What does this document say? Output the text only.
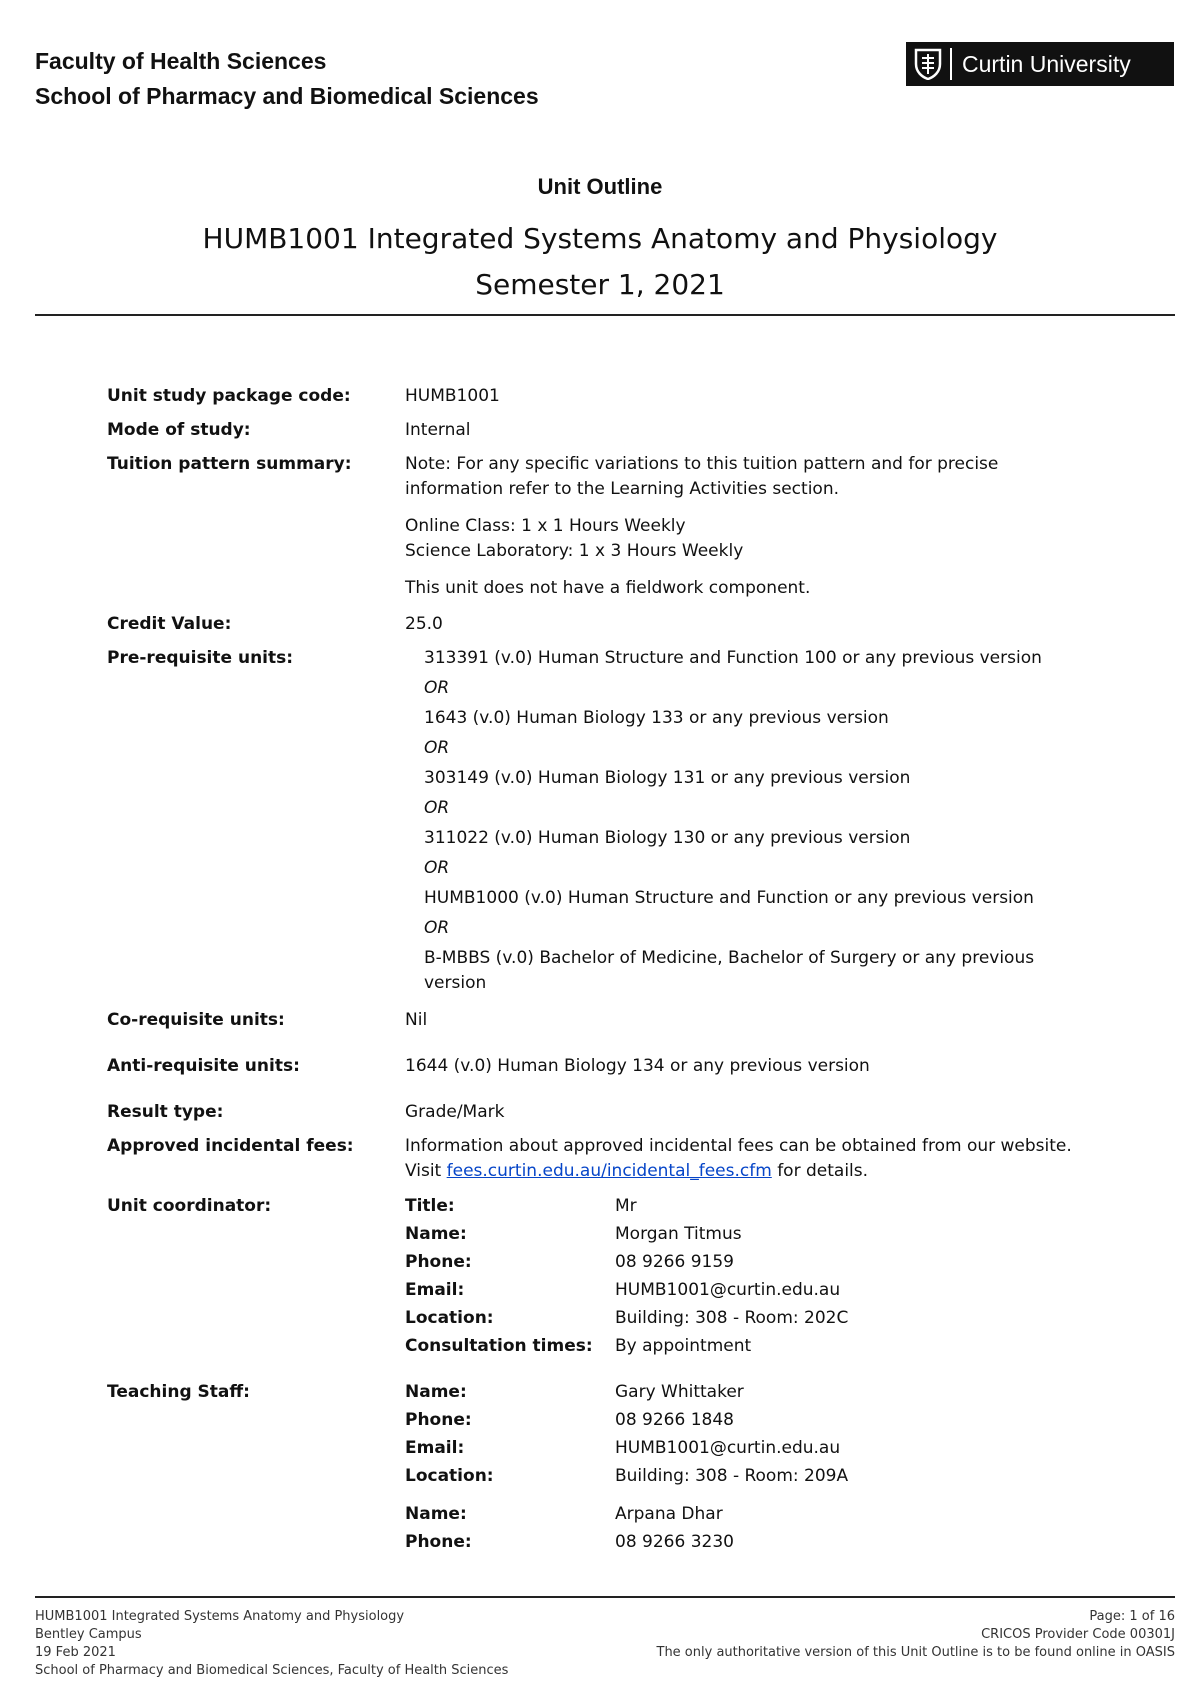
Faculty of Health Sciences
School of Pharmacy and Biomedical Sciences
Curtin University
Unit Outline
HUMB1001 Integrated Systems Anatomy and Physiology
Semester 1, 2021
Unit study package code:	HUMB1001
Mode of study:	Internal
Tuition pattern summary:	Note: For any specific variations to this tuition pattern and for precise
information refer to the Learning Activities section.
Online Class: 1 x 1 Hours Weekly
Science Laboratory: 1 x 3 Hours Weekly
This unit does not have a fieldwork component.
Credit Value:	25.0
Pre-requisite units:	313391 (v.0) Human Structure and Function 100 or any previous version
OR
1643 (v.0) Human Biology 133 or any previous version
OR
303149 (v.0) Human Biology 131 or any previous version
OR
311022 (v.0) Human Biology 130 or any previous version
OR
HUMB1000 (v.0) Human Structure and Function or any previous version
OR
B-MBBS (v.0) Bachelor of Medicine, Bachelor of Surgery or any previous
version
Co-requisite units:	Nil
Anti-requisite units:	1644 (v.0) Human Biology 134 or any previous version
Result type:	Grade/Mark
Approved incidental fees:	Information about approved incidental fees can be obtained from our website.
Visit fees.curtin.edu.au/incidental_fees.cfm for details.
Unit coordinator:	Title:	Mr
Name:	Morgan Titmus
Phone:	08 9266 9159
Email:	HUMB1001@curtin.edu.au
Location:	Building: 308 - Room: 202C
Consultation times: By appointment
Teaching Staff:	Name:	Gary Whittaker
Phone:	08 9266 1848
Email:	HUMB1001@curtin.edu.au
Location:	Building: 308 - Room: 209A
Name:	Arpana Dhar
Phone:	08 9266 3230
HUMB1001 Integrated Systems Anatomy and Physiology
Bentley Campus
19 Feb 2021
School of Pharmacy and Biomedical Sciences, Faculty of Health Sciences
Page: 1 of 16
CRICOS Provider Code 00301J
The only authoritative version of this Unit Outline is to be found online in OASIS
